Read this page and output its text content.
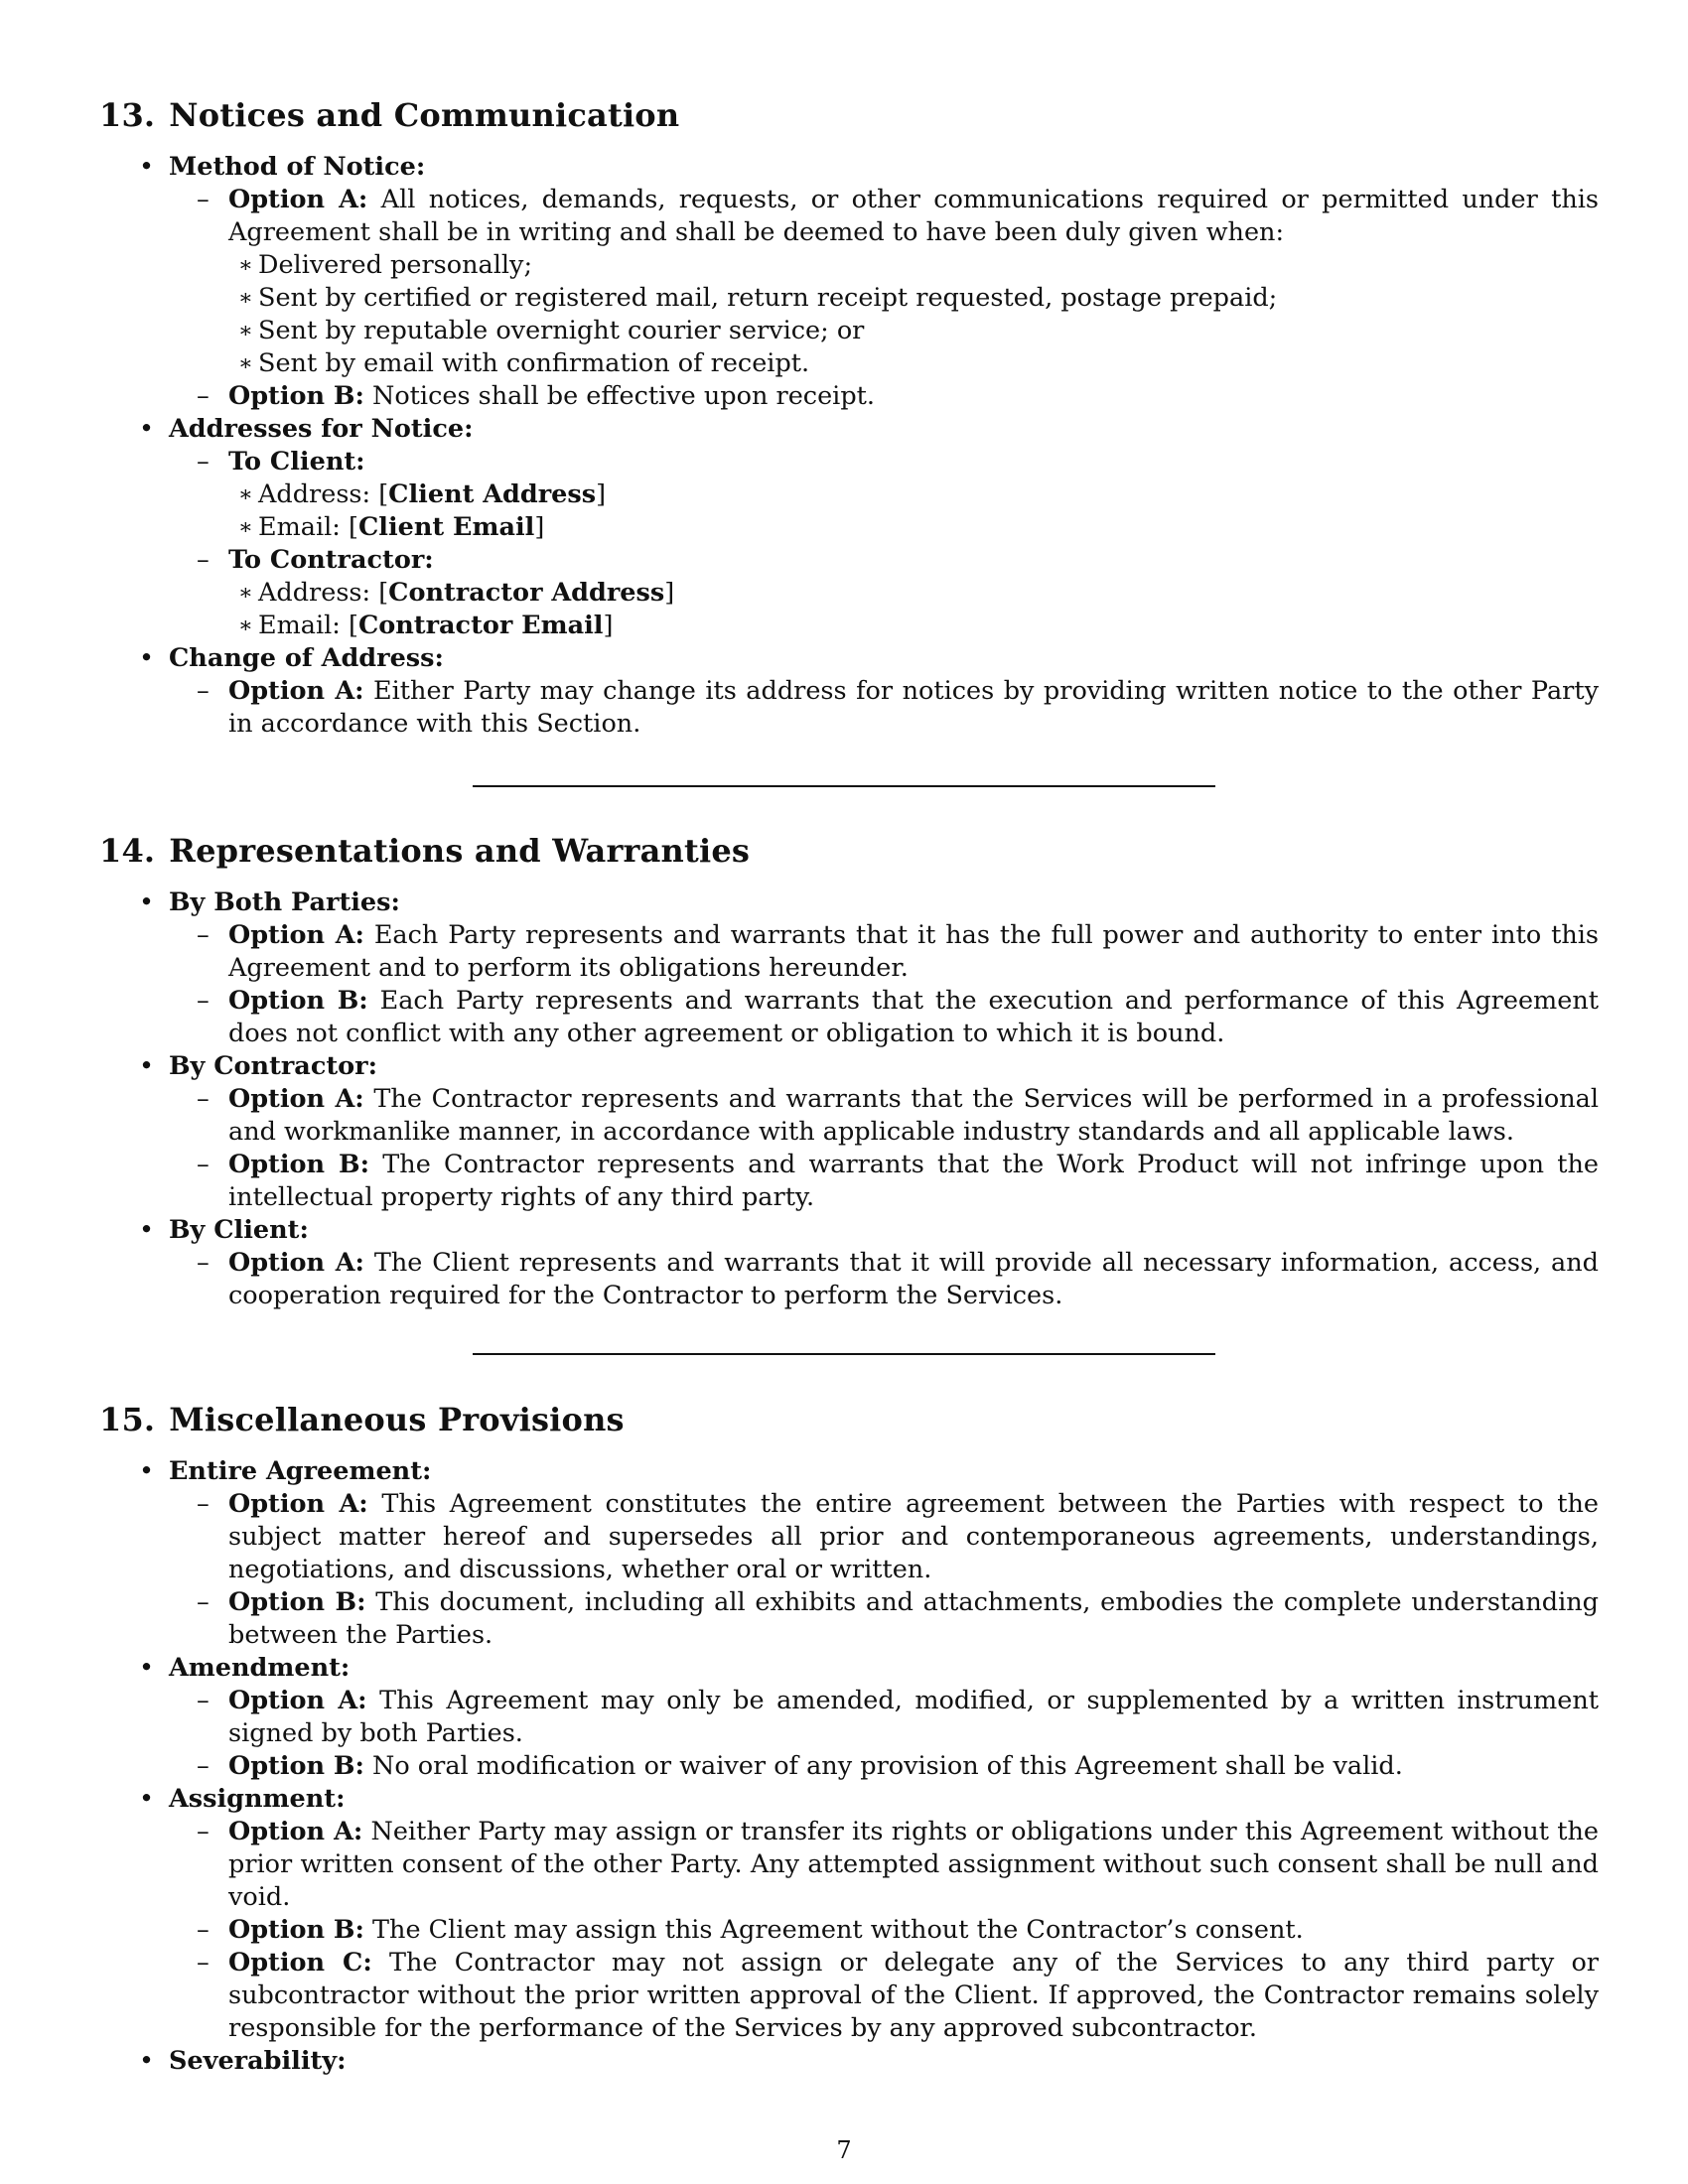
13. Notices and Communication
• Method of Notice:
– Option A: All notices, demands, requests, or other communications required or permitted under this Agreement shall be in writing and shall be deemed to have been duly given when:
∗ Delivered personally;
∗ Sent by certified or registered mail, return receipt requested, postage prepaid;
∗ Sent by reputable overnight courier service; or
∗ Sent by email with confirmation of receipt.
– Option B: Notices shall be effective upon receipt.
• Addresses for Notice:
– To Client:
∗ Address: [Client Address]
∗ Email: [Client Email]
– To Contractor:
∗ Address: [Contractor Address]
∗ Email: [Contractor Email]
• Change of Address:
– Option A: Either Party may change its address for notices by providing written notice to the other Party in accordance with this Section.
14. Representations and Warranties
• By Both Parties:
– Option A: Each Party represents and warrants that it has the full power and authority to enter into this Agreement and to perform its obligations hereunder.
– Option B: Each Party represents and warrants that the execution and performance of this Agreement does not conflict with any other agreement or obligation to which it is bound.
• By Contractor:
– Option A: The Contractor represents and warrants that the Services will be performed in a professional and workmanlike manner, in accordance with applicable industry standards and all applicable laws.
– Option B: The Contractor represents and warrants that the Work Product will not infringe upon the intellectual property rights of any third party.
• By Client:
– Option A: The Client represents and warrants that it will provide all necessary information, access, and cooperation required for the Contractor to perform the Services.
15. Miscellaneous Provisions
• Entire Agreement:
– Option A: This Agreement constitutes the entire agreement between the Parties with respect to the subject matter hereof and supersedes all prior and contemporaneous agreements, understandings, negotiations, and discussions, whether oral or written.
– Option B: This document, including all exhibits and attachments, embodies the complete understanding between the Parties.
• Amendment:
– Option A: This Agreement may only be amended, modified, or supplemented by a written instrument signed by both Parties.
– Option B: No oral modification or waiver of any provision of this Agreement shall be valid.
• Assignment:
– Option A: Neither Party may assign or transfer its rights or obligations under this Agreement without the prior written consent of the other Party. Any attempted assignment without such consent shall be null and void.
– Option B: The Client may assign this Agreement without the Contractor’s consent.
– Option C: The Contractor may not assign or delegate any of the Services to any third party or subcontractor without the prior written approval of the Client. If approved, the Contractor remains solely responsible for the performance of the Services by any approved subcontractor.
• Severability:
7
